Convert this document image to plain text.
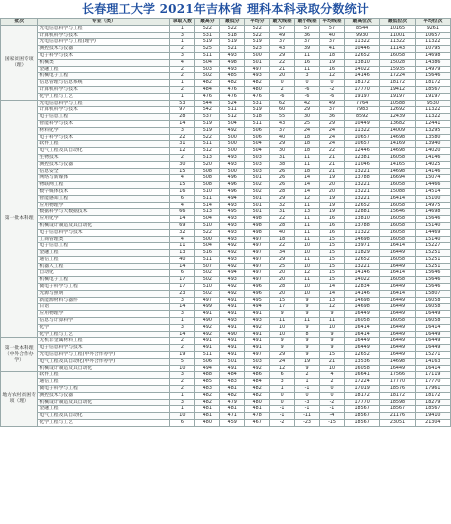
长春理工大学 2021年吉林省 理科本科录取分数统计
批次	专业（类）	录取人数	最高分	最低分	平均分	最大线差	最小线差	平均线差	最高位次	最低位次	平均位次
国家贫困专项（理）	光电信息科学与工程	1	522	522	522	57	57	57	8544	10165	9261
	计算机科学与技术	3	531	518	522	49	36	40	9930	11001	10657
	光电信息科学与工程(理学)	1	519	519	519	37	37	37	11322	11322	11322
	测控技术与仪器	2	525	521	523	43	39	41	10446	11143	10795
	电子科学与技术	3	511	493	500	29	11	18	12652	16058	14698
	机械类	4	504	498	501	22	16	19	13810	15028	14386
	金融工程	2	503	493	497	21	11	16	14022	15935	14979
	机械电子工程	2	502	485	493	20	3	12	14146	17224	15646
	信息管理与信息系统	1	482	482	482	0	0	0	18172	18172	18172
	计算机科学与技术	2	484	476	480	2	-6	-2	17770	19412	18567
	化学工程与工艺	1	476	476	476	-6	-6	-6	19197	19197	19197
第一批本科理	光电信息科学与工程	53	544	524	531	62	42	49	7764	10588	9530
	计算机科学与技术	97	542	511	519	60	29	37	7983	12692	11322
	电子信息工程	28	537	512	518	55	30	36	8592	12439	11322
	智能科学与技术	14	519	504	511	43	25	29	10449	13682	12441
	材料化学	3	519	492	506	37	24	24	11322	14009	13295
	电子科学与技术	22	522	500	506	40	18	24	10657	14698	13580
	软件工程	31	511	500	504	29	18	24	10657	14169	13940
	电气工程及其自动化	12	512	500	504	30	18	22	12446	14698	14020
	生物技术	2	513	493	503	31	11	21	12381	16058	14146
	测控技术与仪器	30	520	493	503	38	11	21	11046	14165	14025
	信息安全	15	508	500	503	26	18	21	13221	14698	14146
	网络与新媒体	4	508	496	501	26	14	19	13788	16694	15074
	物联网工程	15	508	496	502	26	14	20	13221	16058	14466
	数字媒体技术	16	510	496	502	28	14	20	13221	15088	14514
	智能感知工程	6	511	494	501	29	12	19	13221	16414	15100
	应用物理学	4	514	493	501	32	11	19	12652	16058	14975
	数据科学与大数据技术	66	513	495	501	31	13	19	12881	15646	14698
	应用化学	14	504	493	498	22	11	16	13810	16058	15646
	机械设计制造及其自动化	69	510	493	498	28	11	16	13788	16058	15140
	电子信息科学与技术	32	522	493	498	40	11	16	11322	16058	14469
	工商管理类	4	500	493	497	18	11	15	14698	16058	15140
	电子信息工程	11	504	492	497	22	10	15	13971	16414	15227
	金融工程	13	516	492	497	34	10	15	11829	16449	15251
	通信工程	40	511	493	497	29	11	15	12652	16058	15251
	机器人工程	14	507	492	497	25	10	15	13221	16449	15251
	自动化	6	502	494	497	20	12	15	14146	16414	15646
	机械电子工程	17	502	493	497	20	11	15	14022	16058	15646
	微电子科学与工程	17	510	492	496	28	10	14	12834	16449	15646
	光源与照明	23	502	492	496	20	10	14	14146	16414	15807
	新能源材料与器件	3	497	491	495	15	9	13	14698	16449	16058
	日语	14	499	491	494	17	9	12	14698	16449	16058
	应用物理学	3	491	491	491	9	9	9	16449	16449	16449
	信息与计算科学	1	490	493	493	11	11	11	16058	16058	16058
	化学	3	492	491	492	10	9	10	16414	16449	16414
	化学工程与工艺	14	492	490	491	10	8	9	16414	16449	16449
第一批本科理（中外合作办学）	无机非金属材料工程	2	491	491	491	9	9	9	16449	16449	16449
	电子信息科学与技术	2	491	491	491	9	9	9	16449	16449	16449
	光电信息科学与工程(中外合作办学)	19	511	491	497	29	9	15	12652	16449	15271
	电气工程及其自动化(中外合作办学)	5	506	501	503	24	19	21	13536	14698	14163
	机械设计制造及其自动化	10	494	491	492	12	9	10	16058	16449	16414
地方农村贫困专项（理）	软件工程	3	488	484	486	6	2	4	16641	17566	17119
	通信工程	2	485	483	484	3	1	2	17224	17770	17770
	微电子科学与工程	2	483	481	482	1	-1	0	17019	18576	17961
	测控技术与仪器	1	482	482	482	0	0	0	18172	18172	18172
	机械设计制造及其自动化	3	482	479	480	0	-3	-2	17770	18598	18279
	金融工程	1	481	481	481	-1	-1	-1	18567	18567	18567
	电气工程及其自动化	10	481	471	478	-1	-11	-4	18567	21176	19410
	化学工程与工艺	6	480	459	467	-2	-23	-15	18567	23051	21304
